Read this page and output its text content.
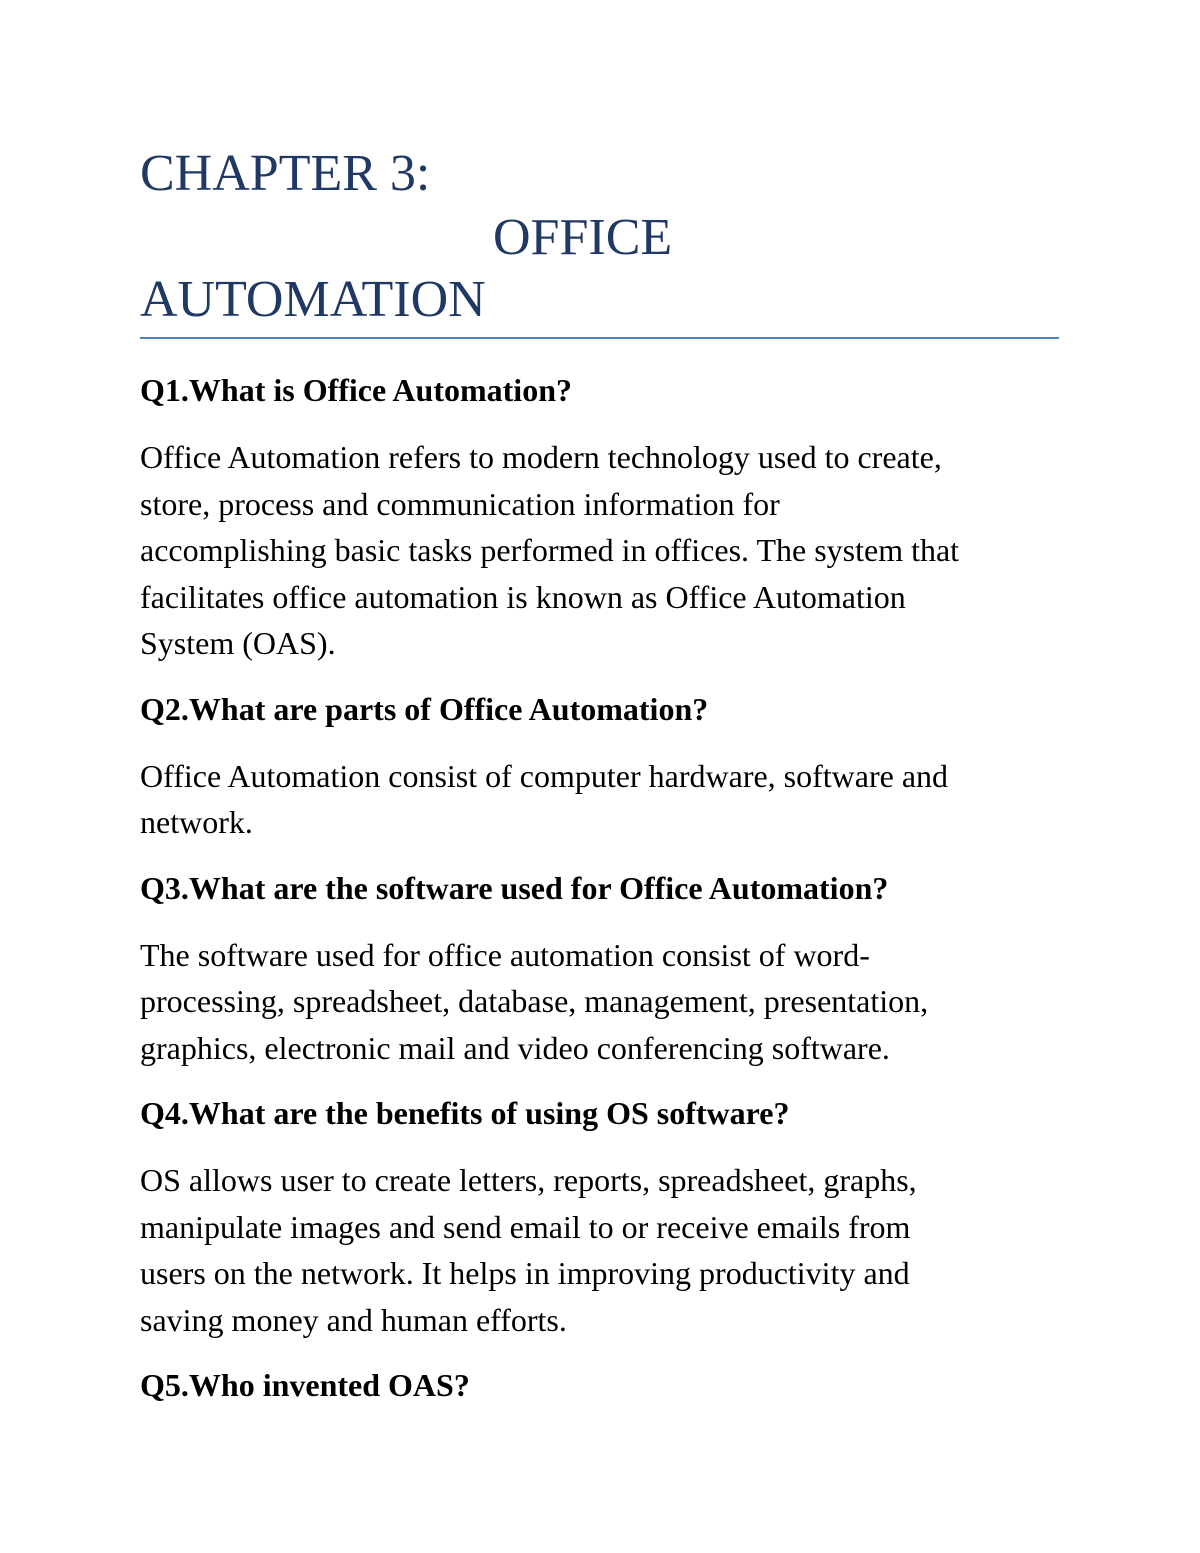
CHAPTER 3:
OFFICE
AUTOMATION

Q1.What is Office Automation?

Office Automation refers to modern technology used to create,
store, process and communication information for
accomplishing basic tasks performed in offices. The system that
facilitates office automation is known as Office Automation
System (OAS).

Q2.What are parts of Office Automation?

Office Automation consist of computer hardware, software and
network.

Q3.What are the software used for Office Automation?

The software used for office automation consist of word-
processing, spreadsheet, database, management, presentation,
graphics, electronic mail and video conferencing software.

Q4.What are the benefits of using OS software?

OS allows user to create letters, reports, spreadsheet, graphs,
manipulate images and send email to or receive emails from
users on the network. It helps in improving productivity and
saving money and human efforts.

Q5.Who invented OAS?
